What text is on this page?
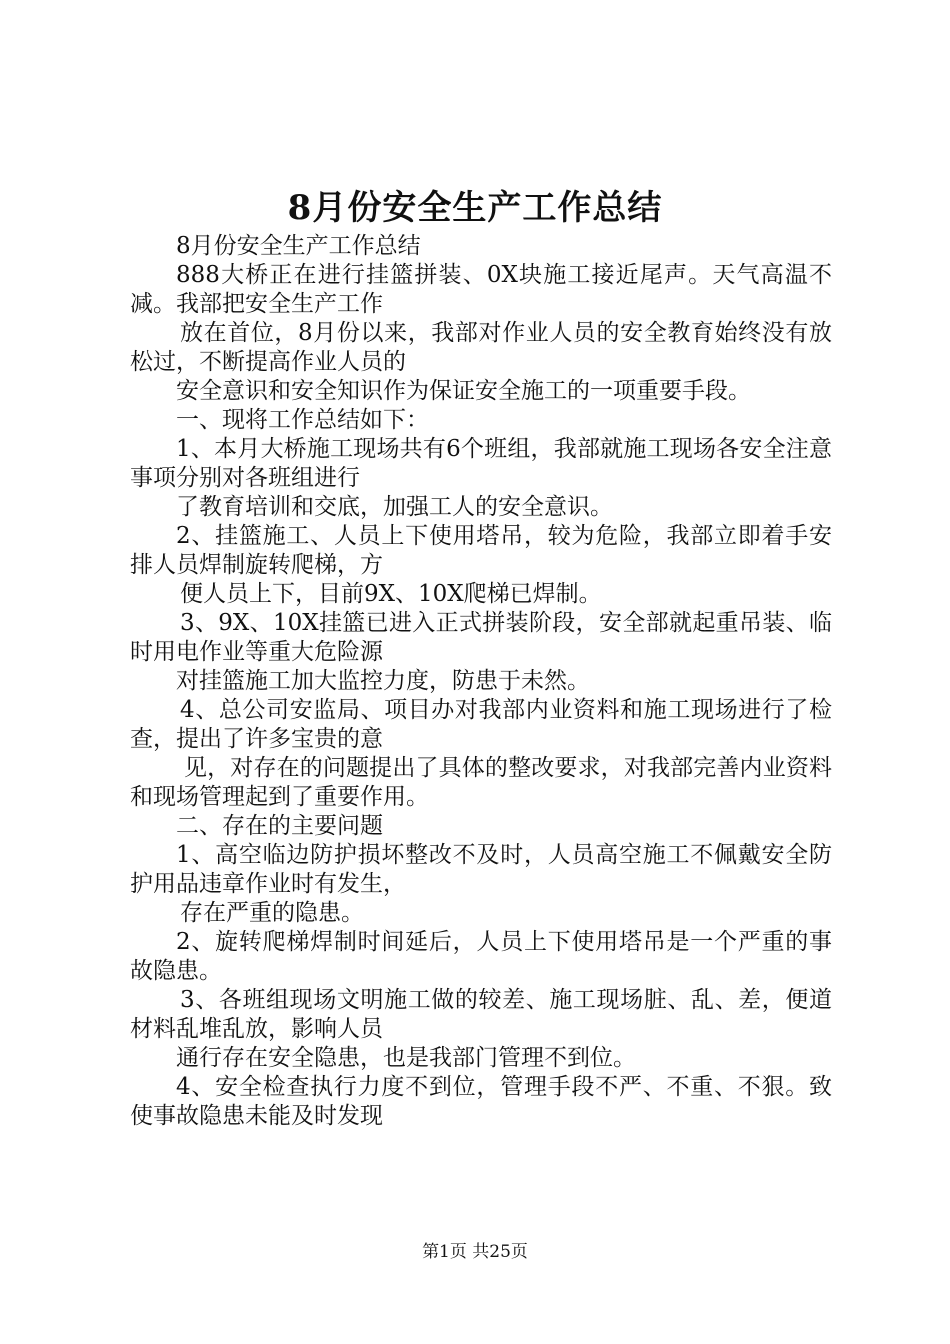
8月份安全生产工作总结

8月份安全生产工作总结

888大桥正在进行挂篮拼装、0X块施工接近尾声。天气高温不减。我部把安全生产工作

放在首位，8月份以来，我部对作业人员的安全教育始终没有放松过，不断提高作业人员的

安全意识和安全知识作为保证安全施工的一项重要手段。

一、现将工作总结如下：

1、本月大桥施工现场共有6个班组，我部就施工现场各安全注意事项分别对各班组进行

了教育培训和交底，加强工人的安全意识。

2、挂篮施工、人员上下使用塔吊，较为危险，我部立即着手安排人员焊制旋转爬梯，方

便人员上下，目前9X、10X爬梯已焊制。

3、9X、10X挂篮已进入正式拼装阶段，安全部就起重吊装、临时用电作业等重大危险源

对挂篮施工加大监控力度，防患于未然。

4、总公司安监局、项目办对我部内业资料和施工现场进行了检查，提出了许多宝贵的意

见，对存在的问题提出了具体的整改要求，对我部完善内业资料和现场管理起到了重要作用。

二、存在的主要问题

1、高空临边防护损坏整改不及时，人员高空施工不佩戴安全防护用品违章作业时有发生，

存在严重的隐患。

2、旋转爬梯焊制时间延后，人员上下使用塔吊是一个严重的事故隐患。

3、各班组现场文明施工做的较差、施工现场脏、乱、差，便道材料乱堆乱放，影响人员

通行存在安全隐患，也是我部门管理不到位。

4、安全检查执行力度不到位，管理手段不严、不重、不狠。致使事故隐患未能及时发现

第1页 共25页
